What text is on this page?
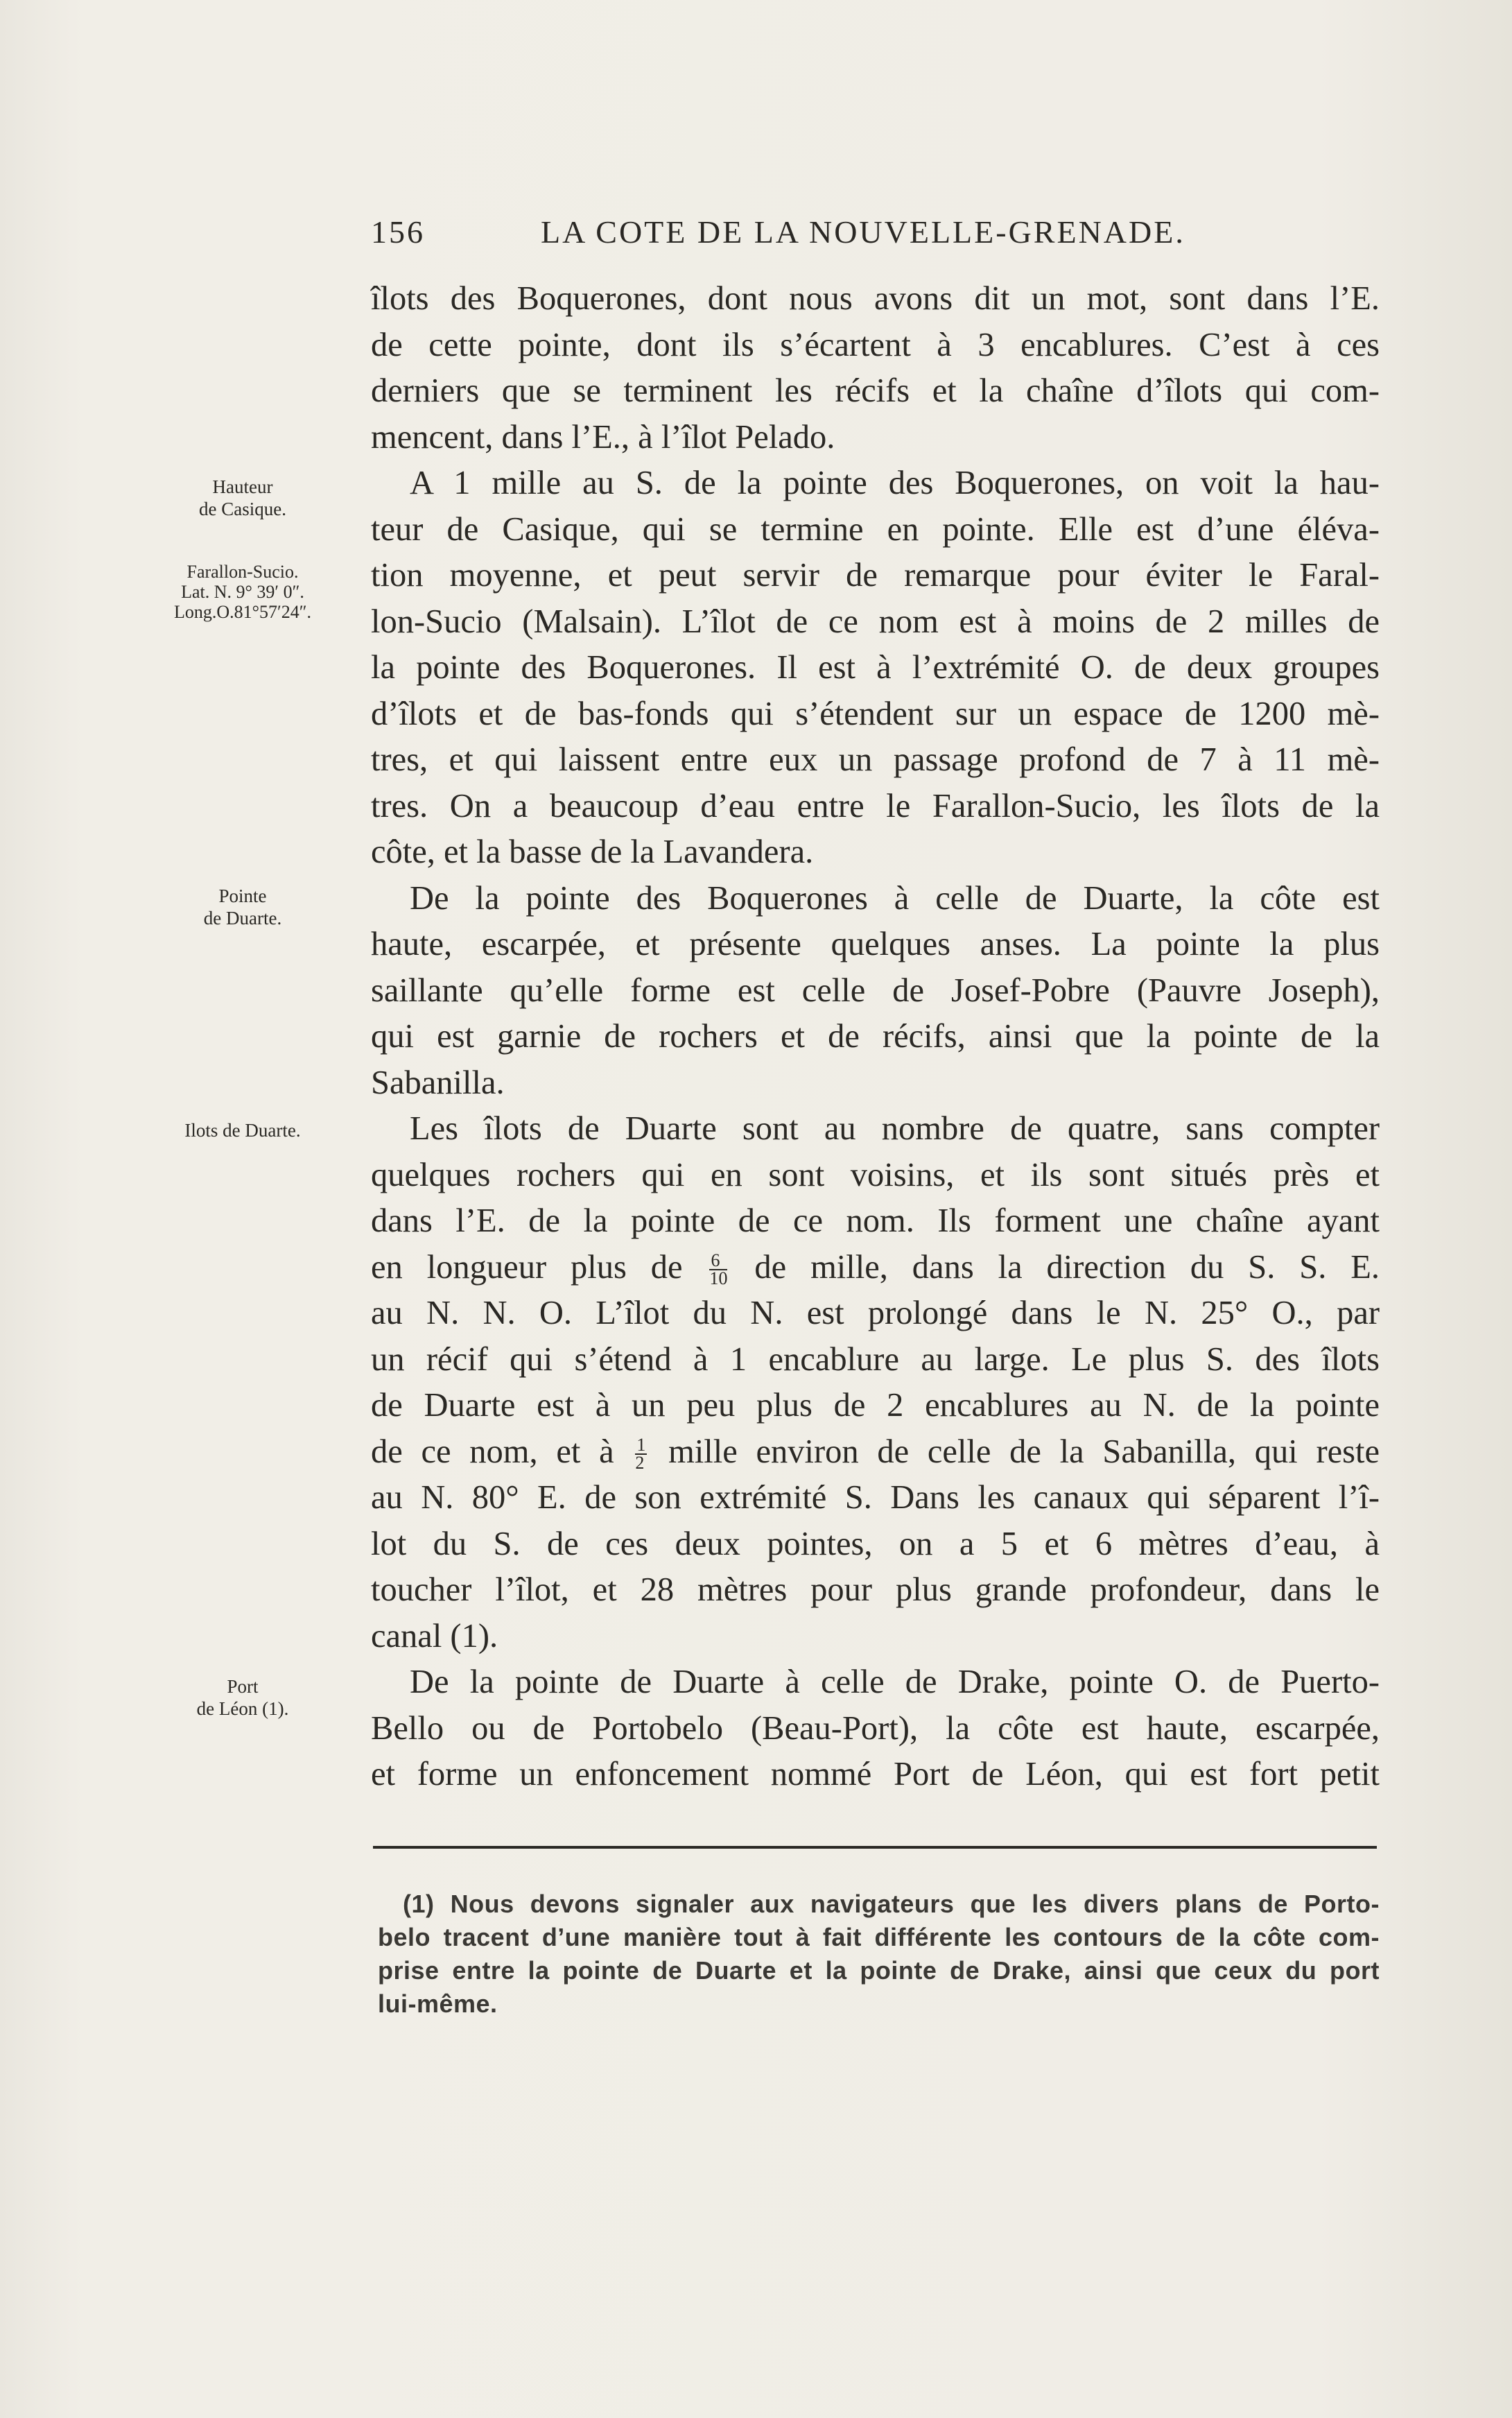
156	LA COTE DE LA NOUVELLE-GRENADE.
Hauteur
de Casique.
Farallon-Sucio.
Lat. N. 9° 39′ 0″.
Long.O.81°57′24″.
Pointe
de Duarte.
Ilots de Duarte.
Port
de Léon (1).

îlots des Boquerones, dont nous avons dit un mot, sont dans l’E.
de cette pointe, dont ils s’écartent à 3 encablures. C’est à ces
derniers que se terminent les récifs et la chaîne d’îlots qui com-
mencent, dans l’E., à l’îlot Pelado.

A 1 mille au S. de la pointe des Boquerones, on voit la hau-
teur de Casique, qui se termine en pointe. Elle est d’une éléva-
tion moyenne, et peut servir de remarque pour éviter le Faral-
lon-Sucio (Malsain). L’îlot de ce nom est à moins de 2 milles de
la pointe des Boquerones. Il est à l’extrémité O. de deux groupes
d’îlots et de bas-fonds qui s’étendent sur un espace de 1200 mè-
tres, et qui laissent entre eux un passage profond de 7 à 11 mè-
tres. On a beaucoup d’eau entre le Farallon-Sucio, les îlots de la
côte, et la basse de la Lavandera.

De la pointe des Boquerones à celle de Duarte, la côte est
haute, escarpée, et présente quelques anses. La pointe la plus
saillante qu’elle forme est celle de Josef-Pobre (Pauvre Joseph),
qui est garnie de rochers et de récifs, ainsi que la pointe de la
Sabanilla.

Les îlots de Duarte sont au nombre de quatre, sans compter
quelques rochers qui en sont voisins, et ils sont situés près et
dans l’E. de la pointe de ce nom. Ils forment une chaîne ayant
en longueur plus de $\frac{6}{10}$ de mille, dans la direction du S. S. E.
au N. N. O. L’îlot du N. est prolongé dans le N. 25° O., par
un récif qui s’étend à 1 encablure au large. Le plus S. des îlots
de Duarte est à un peu plus de 2 encablures au N. de la pointe
de ce nom, et à $\frac{1}{2}$ mille environ de celle de la Sabanilla, qui reste
au N. 80° E. de son extrémité S. Dans les canaux qui séparent l’î-
lot du S. de ces deux pointes, on a 5 et 6 mètres d’eau, à
toucher l’îlot, et 28 mètres pour plus grande profondeur, dans le
canal (1).

De la pointe de Duarte à celle de Drake, pointe O. de Puerto-
Bello ou de Portobelo (Beau-Port), la côte est haute, escarpée,
et forme un enfoncement nommé Port de Léon, qui est fort petit

(1) Nous devons signaler aux navigateurs que les divers plans de Porto-
belo tracent d’une manière tout à fait différente les contours de la côte com-
prise entre la pointe de Duarte et la pointe de Drake, ainsi que ceux du port
lui-même.
